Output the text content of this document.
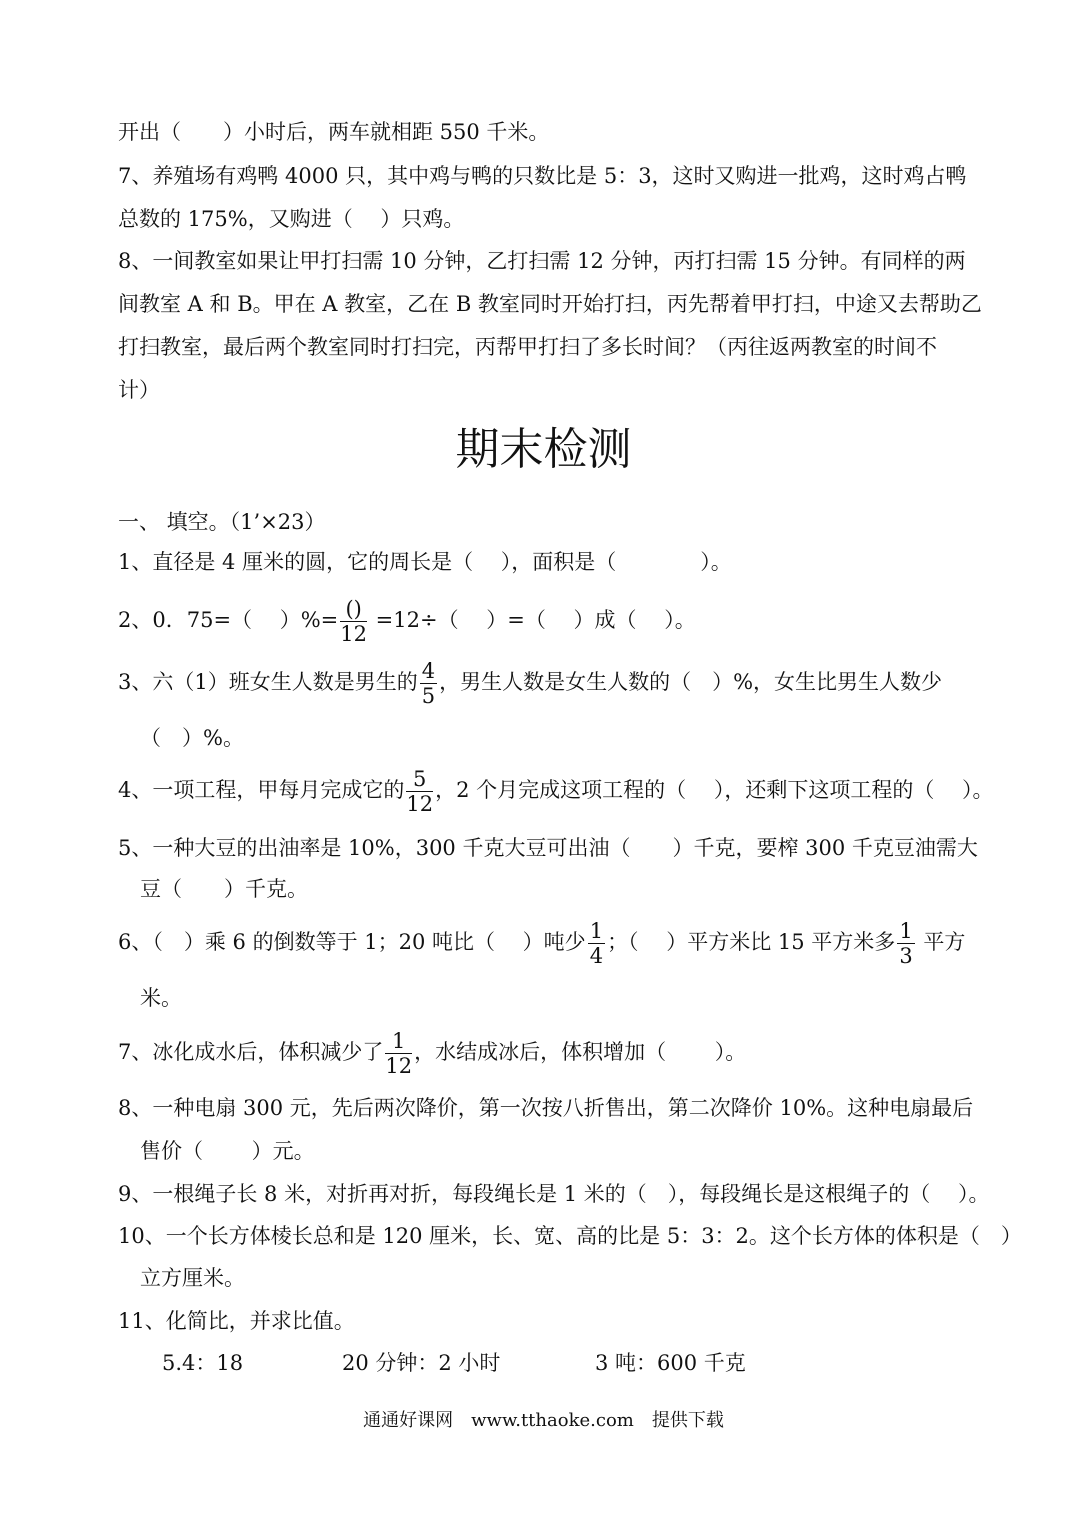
开出（　　）小时后，两车就相距 550 千米。
7、养殖场有鸡鸭 4000 只，其中鸡与鸭的只数比是 5：3，这时又购进一批鸡，这时鸡占鸭
总数的 175%，又购进（　 ）只鸡。
8、一间教室如果让甲打扫需 10 分钟，乙打扫需 12 分钟，丙打扫需 15 分钟。有同样的两
间教室 A 和 B。甲在 A 教室，乙在 B 教室同时开始打扫，丙先帮着甲打扫，中途又去帮助乙
打扫教室，最后两个教室同时打扫完，丙帮甲打扫了多长时间？（丙往返两教室的时间不
计）
期末检测
一、 填空。（1’×23）
1、直径是 4 厘米的圆，它的周长是（　 ），面积是（　　　　）。
2、0．75=（　 ）%= $\frac{()}{12} =12\div$（　 ）=（　 ）成（　 ）。
3、六（1）班女生人数是男生的 $\frac{4}{5}$ ，男生人数是女生人数的（　）%，女生比男生人数少
（　）%。
4、一项工程，甲每月完成它的 $\frac{5}{12}$ ，2 个月完成这项工程的（　 ），还剩下这项工程的（　 ）。
5、一种大豆的出油率是 10%，300 千克大豆可出油（　　）千克，要榨 300 千克豆油需大
豆（　　）千克。
6、（　）乘 6 的倒数等于 1；20 吨比（　 ）吨少 $\frac{1}{4}$ ；（　 ）平方米比 15 平方米多 $\frac{1}{3}$ 平方
米。
7、冰化成水后，体积减少了 $\frac{1}{12}$ ，水结成冰后，体积增加（　　 ）。
8、一种电扇 300 元，先后两次降价，第一次按八折售出，第二次降价 10%。这种电扇最后
售价（　　 ）元。
9、一根绳子长 8 米，对折再对折，每段绳长是 1 米的（　），每段绳长是这根绳子的（　 ）。
10、一个长方体棱长总和是 120 厘米，长、宽、高的比是 5：3：2。这个长方体的体积是（　）
立方厘米。
11、化简比，并求比值。
5.4：18	20 分钟：2 小时	3 吨：600 千克
通通好课网　www.tthaoke.com　提供下载
